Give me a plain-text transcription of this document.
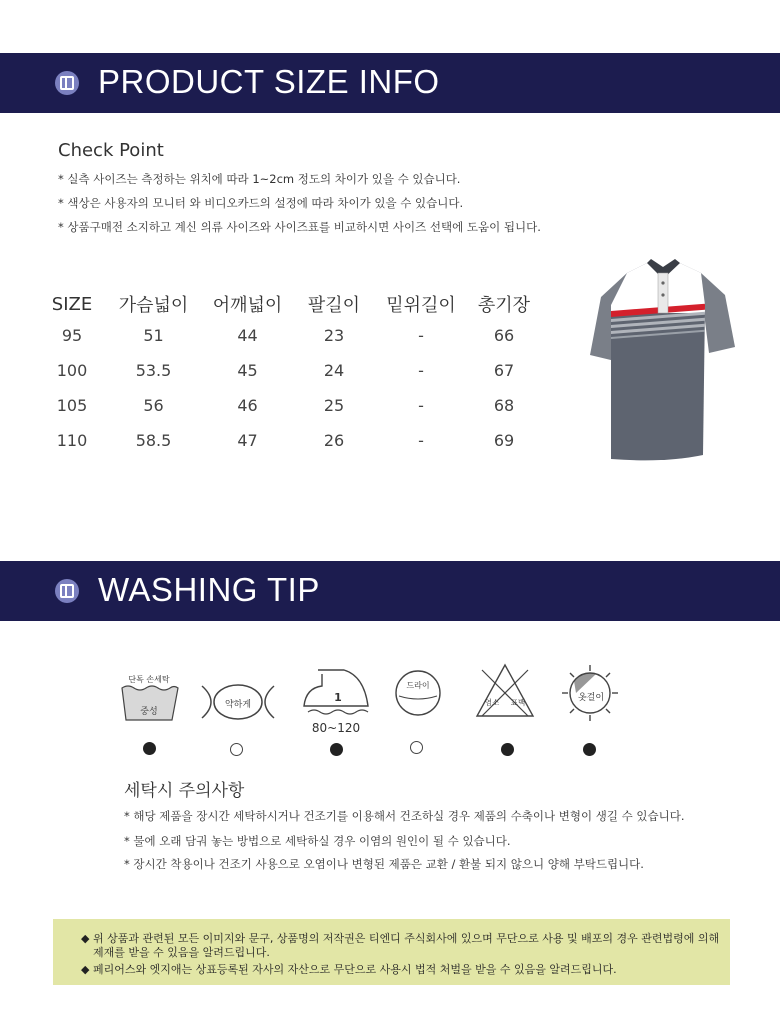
PRODUCT SIZE INFO
Check Point
* 실측 사이즈는 측정하는 위치에 따라 1~2cm 정도의 차이가 있을 수 있습니다.
* 색상은 사용자의 모니터 와 비디오카드의 설정에 따라 차이가 있을 수 있습니다.
* 상품구매전 소지하고 계신 의류 사이즈와 사이즈표를 비교하시면 사이즈 선택에 도움이 됩니다.
SIZE	가슴넓이	어깨넓이	팔길이	밑위길이	총기장
95	51	44	23	-	66
100	53.5	45	24	-	67
105	56	46	25	-	68
110	58.5	47	26	-	69
WASHING TIP
단독 손세탁
중성
약하게
1
80~120
드라이
염소	표백	옷걸이
세탁시 주의사항
* 해당 제품을 장시간 세탁하시거나 건조기를 이용해서 건조하실 경우 제품의 수축이나 변형이 생길 수 있습니다.
* 물에 오래 담궈 놓는 방법으로 세탁하실 경우 이염의 원인이 될 수 있습니다.
* 장시간 착용이나 건조기 사용으로 오염이나 변형된 제품은 교환 / 환불 되지 않으니 양해 부탁드립니다.

◆ 위 상품과 관련된 모든 이미지와 문구, 상품명의 저작권은 티엔디 주식회사에 있으며 무단으로 사용 및 배포의 경우 관련법령에 의해

제재를 받을 수 있음을 알려드립니다.

◆ 페리어스와 엣지애는 상표등록된 자사의 자산으로 무단으로 사용시 법적 처벌을 받을 수 있음을 알려드립니다.
